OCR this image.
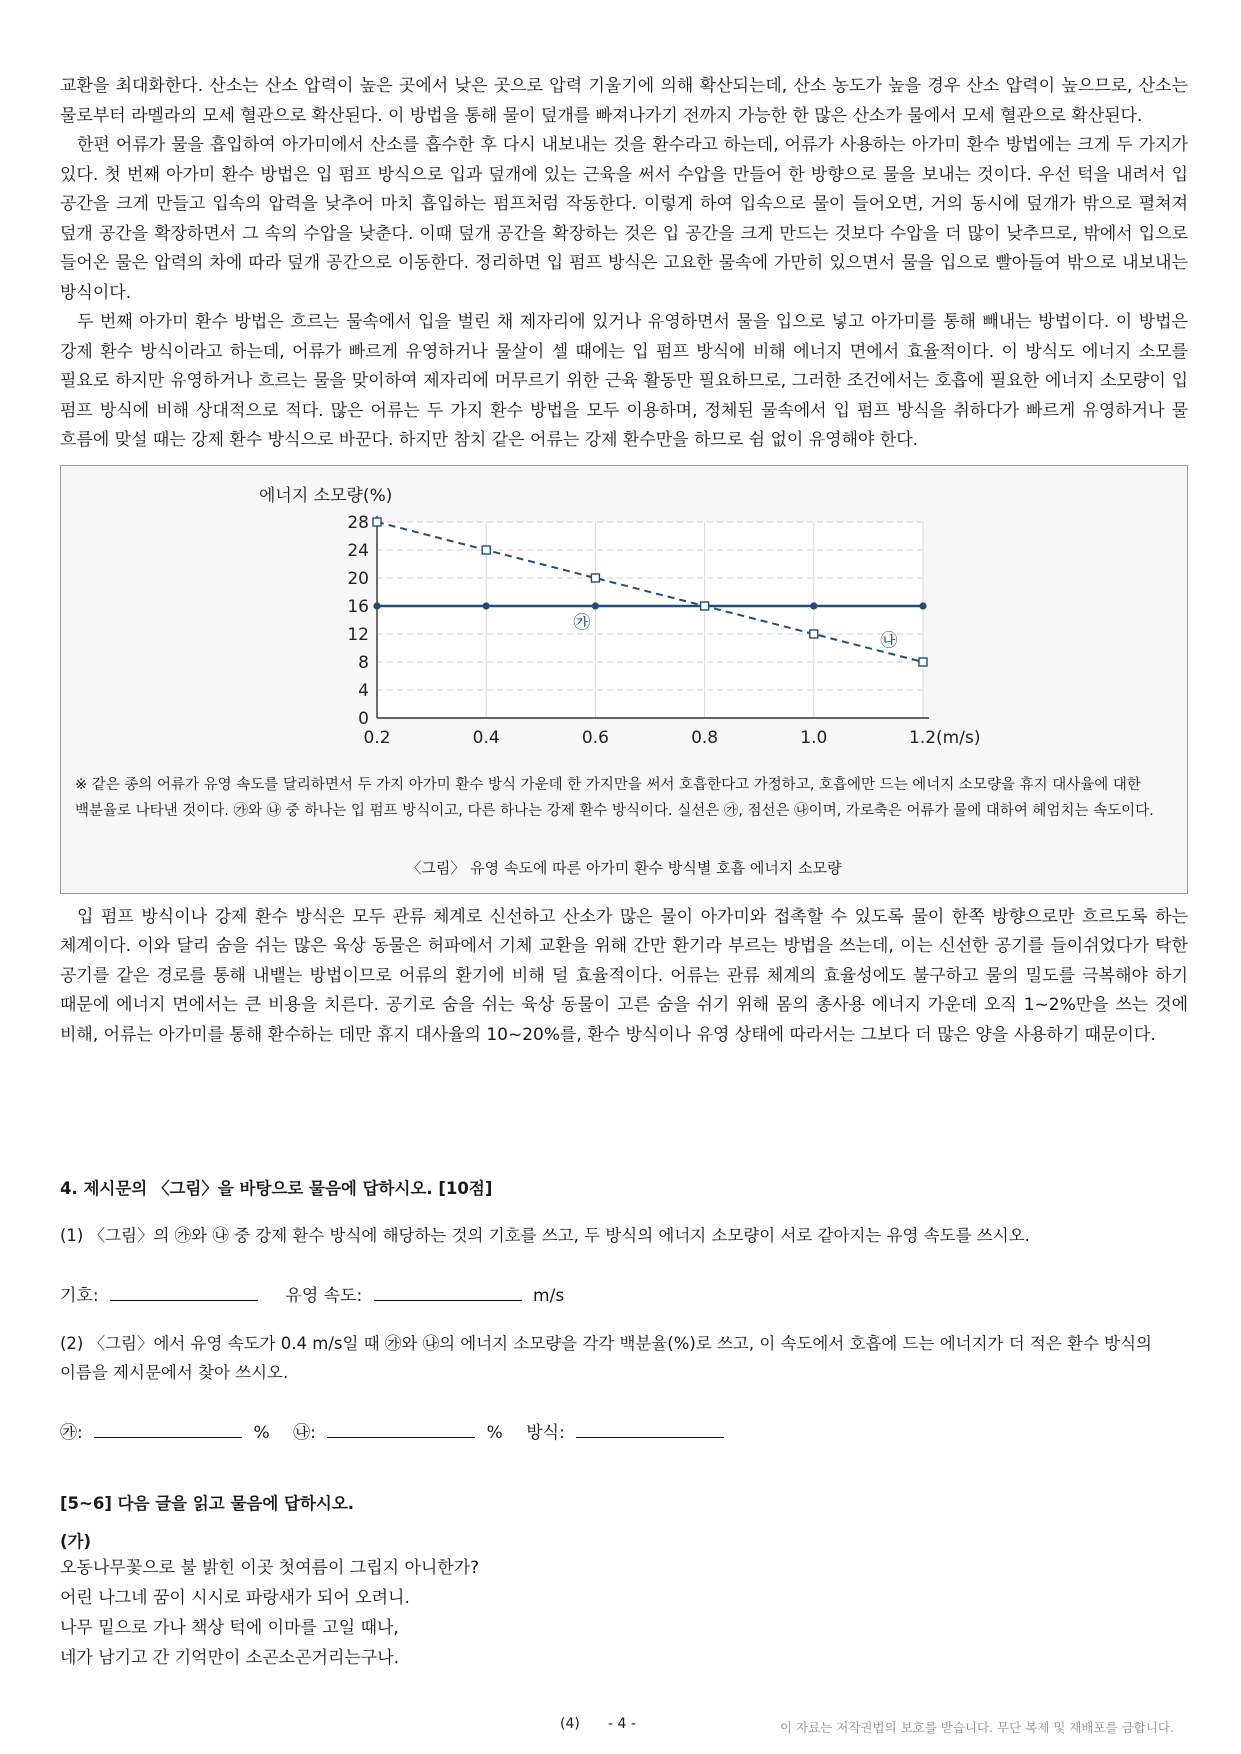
교환을 최대화한다. 산소는 산소 압력이 높은 곳에서 낮은 곳으로 압력 기울기에 의해 확산되는데, 산소 농도가 높을 경우 산소 압력이 높으므로, 산소는 물로부터 라멜라의 모세 혈관으로 확산된다. 이 방법을 통해 물이 덮개를 빠져나가기 전까지 가능한 한 많은 산소가 물에서 모세 혈관으로 확산된다.

한편 어류가 물을 흡입하여 아가미에서 산소를 흡수한 후 다시 내보내는 것을 환수라고 하는데, 어류가 사용하는 아가미 환수 방법에는 크게 두 가지가 있다. 첫 번째 아가미 환수 방법은 입 펌프 방식으로 입과 덮개에 있는 근육을 써서 수압을 만들어 한 방향으로 물을 보내는 것이다. 우선 턱을 내려서 입 공간을 크게 만들고 입속의 압력을 낮추어 마치 흡입하는 펌프처럼 작동한다. 이렇게 하여 입속으로 물이 들어오면, 거의 동시에 덮개가 밖으로 펼쳐져 덮개 공간을 확장하면서 그 속의 수압을 낮춘다. 이때 덮개 공간을 확장하는 것은 입 공간을 크게 만드는 것보다 수압을 더 많이 낮추므로, 밖에서 입으로 들어온 물은 압력의 차에 따라 덮개 공간으로 이동한다. 정리하면 입 펌프 방식은 고요한 물속에 가만히 있으면서 물을 입으로 빨아들여 밖으로 내보내는 방식이다.

두 번째 아가미 환수 방법은 흐르는 물속에서 입을 벌린 채 제자리에 있거나 유영하면서 물을 입으로 넣고 아가미를 통해 빼내는 방법이다. 이 방법은 강제 환수 방식이라고 하는데, 어류가 빠르게 유영하거나 물살이 셀 때에는 입 펌프 방식에 비해 에너지 면에서 효율적이다. 이 방식도 에너지 소모를 필요로 하지만 유영하거나 흐르는 물을 맞이하여 제자리에 머무르기 위한 근육 활동만 필요하므로, 그러한 조건에서는 호흡에 필요한 에너지 소모량이 입 펌프 방식에 비해 상대적으로 적다. 많은 어류는 두 가지 환수 방법을 모두 이용하며, 정체된 물속에서 입 펌프 방식을 취하다가 빠르게 유영하거나 물 흐름에 맞설 때는 강제 환수 방식으로 바꾼다. 하지만 참치 같은 어류는 강제 환수만을 하므로 쉼 없이 유영해야 한다.

0
4
8
12
16
20
24
28
0.2	0.4	0.6	0.8	1.0	1.2(m/s)
에너지 소모량(%)
㉮
㉯

※ 같은 종의 어류가 유영 속도를 달리하면서 두 가지 아가미 환수 방식 가운데 한 가지만을 써서 호흡한다고 가정하고, 호흡에만 드는 에너지 소모량을 휴지 대사율에 대한 백분율로 나타낸 것이다. ㉮와 ㉯ 중 하나는 입 펌프 방식이고, 다른 하나는 강제 환수 방식이다. 실선은 ㉮, 점선은 ㉯이며, 가로축은 어류가 물에 대하여 헤엄치는 속도이다.

〈그림〉 유영 속도에 따른 아가미 환수 방식별 호흡 에너지 소모량

입 펌프 방식이나 강제 환수 방식은 모두 관류 체계로 신선하고 산소가 많은 물이 아가미와 접촉할 수 있도록 물이 한쪽 방향으로만 흐르도록 하는 체계이다. 이와 달리 숨을 쉬는 많은 육상 동물은 허파에서 기체 교환을 위해 간만 환기라 부르는 방법을 쓰는데, 이는 신선한 공기를 들이쉬었다가 탁한 공기를 같은 경로를 통해 내뱉는 방법이므로 어류의 환기에 비해 덜 효율적이다. 어류는 관류 체계의 효율성에도 불구하고 물의 밀도를 극복해야 하기 때문에 에너지 면에서는 큰 비용을 치른다. 공기로 숨을 쉬는 육상 동물이 고른 숨을 쉬기 위해 몸의 총사용 에너지 가운데 오직 1~2%만을 쓰는 것에 비해, 어류는 아가미를 통해 환수하는 데만 휴지 대사율의 10~20%를, 환수 방식이나 유영 상태에 따라서는 그보다 더 많은 양을 사용하기 때문이다.

4. 제시문의 〈그림〉을 바탕으로 물음에 답하시오. [10점]

(1) 〈그림〉의 ㉮와 ㉯ 중 강제 환수 방식에 해당하는 것의 기호를 쓰고, 두 방식의 에너지 소모량이 서로 같아지는 유영 속도를 쓰시오.

기호:	유영 속도:	m/s

(2) 〈그림〉에서 유영 속도가 0.4 m/s일 때 ㉮와 ㉯의 에너지 소모량을 각각 백분율(%)로 쓰고, 이 속도에서 호흡에 드는 에너지가 더 적은 환수 방식의 이름을 제시문에서 찾아 쓰시오.

㉮:	% ㉯:	% 방식:

[5~6] 다음 글을 읽고 물음에 답하시오.

(가)

오동나무꽃으로 불 밝힌 이곳 첫여름이 그립지 아니한가?
어린 나그네 꿈이 시시로 파랑새가 되어 오려니.
나무 밑으로 가나 책상 턱에 이마를 고일 때나,
네가 남기고 간 기억만이 소곤소곤거리는구나.
(4) - 4 -	이 자료는 저작권법의 보호를 받습니다. 무단 복제 및 재배포를 금합니다.
